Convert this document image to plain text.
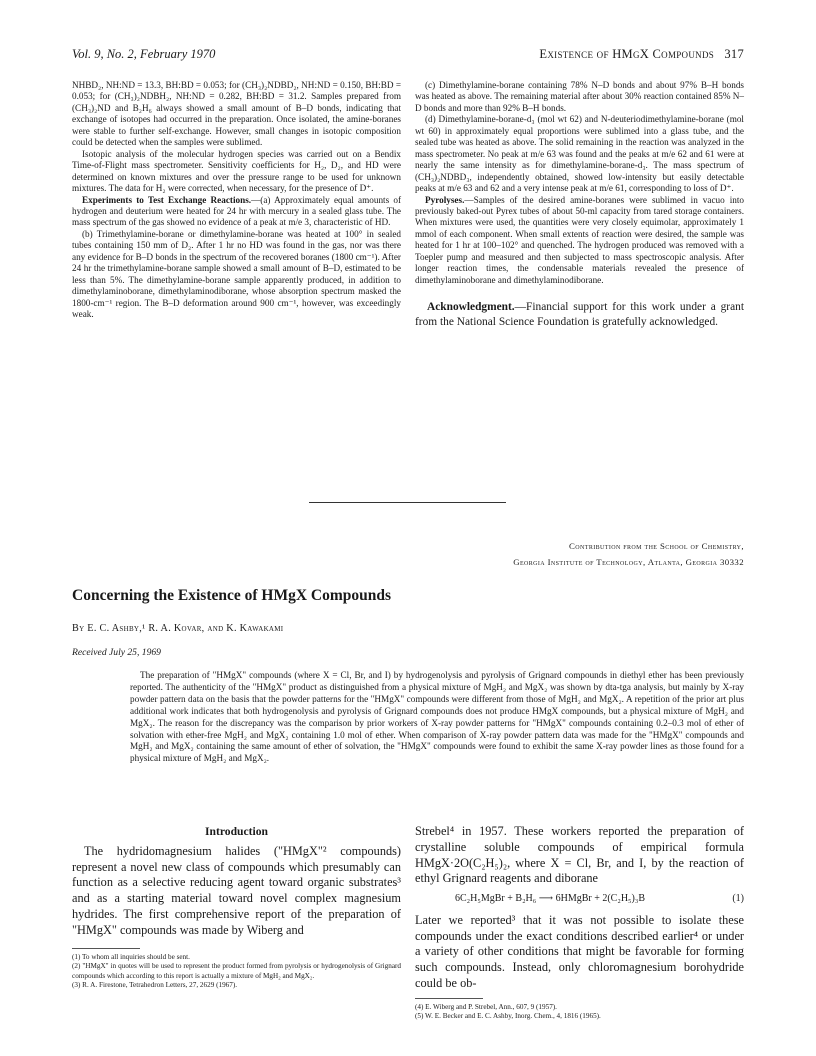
Vol. 9, No. 2, February 1970	Existence of HMgX Compounds 317

NHBD₂, NH:ND = 13.3, BH:BD = 0.053; for (CH₃)₂NDBD₂, NH:ND = 0.150, BH:BD = 0.053; for (CH₃)₂NDBH₂, NH:ND = 0.282, BH:BD = 31.2. Samples prepared from (CH₃)₂ND and B₂H₆ always showed a small amount of B–D bonds, indicating that exchange of isotopes had occurred in the preparation. Once isolated, the amine-boranes were stable to further self-exchange. However, small changes in isotopic composition could be detected when the samples were sublimed.

Isotopic analysis of the molecular hydrogen species was carried out on a Bendix Time-of-Flight mass spectrometer. Sensitivity coefficients for H₂, D₂, and HD were determined on known mixtures and over the pressure range to be used for unknown mixtures. The data for H₂ were corrected, when necessary, for the presence of D⁺.

Experiments to Test Exchange Reactions.—(a) Approximately equal amounts of hydrogen and deuterium were heated for 24 hr with mercury in a sealed glass tube. The mass spectrum of the gas showed no evidence of a peak at m/e 3, characteristic of HD.

(b) Trimethylamine-borane or dimethylamine-borane was heated at 100° in sealed tubes containing 150 mm of D₂. After 1 hr no HD was found in the gas, nor was there any evidence for B–D bonds in the spectrum of the recovered boranes (1800 cm⁻¹). After 24 hr the trimethylamine-borane sample showed a small amount of B–D, estimated to be less than 5%. The dimethylamine-borane sample apparently produced, in addition to dimethylaminoborane, dimethylaminodiborane, whose absorption spectrum masked the 1800-cm⁻¹ region. The B–D deformation around 900 cm⁻¹, however, was exceedingly weak.

(c) Dimethylamine-borane containing 78% N–D bonds and about 97% B–H bonds was heated as above. The remaining material after about 30% reaction contained 85% N–D bonds and more than 92% B–H bonds.

(d) Dimethylamine-borane-d₃ (mol wt 62) and N-deuteriodimethylamine-borane (mol wt 60) in approximately equal proportions were sublimed into a glass tube, and the sealed tube was heated as above. The solid remaining in the reaction was analyzed in the mass spectrometer. No peak at m/e 63 was found and the peaks at m/e 62 and 61 were at nearly the same intensity as for dimethylamine-borane-d₃. The mass spectrum of (CH₃)₂NDBD₃, independently obtained, showed low-intensity but easily detectable peaks at m/e 63 and 62 and a very intense peak at m/e 61, corresponding to loss of D⁺.

Pyrolyses.—Samples of the desired amine-boranes were sublimed in vacuo into previously baked-out Pyrex tubes of about 50-ml capacity from tared storage containers. When mixtures were used, the quantities were very closely equimolar, approximately 1 mmol of each component. When small extents of reaction were desired, the sample was heated for 1 hr at 100–102° and quenched. The hydrogen produced was removed with a Toepler pump and measured and then subjected to mass spectroscopic analysis. After longer reaction times, the condensable materials revealed the presence of dimethylaminoborane and dimethylaminodiborane.

Acknowledgment.—Financial support for this work under a grant from the National Science Foundation is gratefully acknowledged.

Contribution from the School of Chemistry,
Georgia Institute of Technology, Atlanta, Georgia 30332
Concerning the Existence of HMgX Compounds
By E. C. Ashby,¹ R. A. Kovar, and K. Kawakami
Received July 25, 1969

The preparation of "HMgX" compounds (where X = Cl, Br, and I) by hydrogenolysis and pyrolysis of Grignard compounds in diethyl ether has been previously reported. The authenticity of the "HMgX" product as distinguished from a physical mixture of MgH₂ and MgX₂ was shown by dta-tga analysis, but mainly by X-ray powder pattern data on the basis that the powder patterns for the "HMgX" compounds were different from those of MgH₂ and MgX₂. A repetition of the prior art plus additional work indicates that both hydrogenolysis and pyrolysis of Grignard compounds does not produce HMgX compounds, but a physical mixture of MgH₂ and MgX₂. The reason for the discrepancy was the comparison by prior workers of X-ray powder patterns for "HMgX" compounds containing 0.2–0.3 mol of ether of solvation with ether-free MgH₂ and MgX₂ containing 1.0 mol of ether. When comparison of X-ray powder pattern data was made for the "HMgX" compounds and MgH₂ and MgX₂ containing the same amount of ether of solvation, the "HMgX" compounds were found to exhibit the same X-ray powder lines as those found for a physical mixture of MgH₂ and MgX₂.

Introduction

The hydridomagnesium halides ("HMgX"² compounds) represent a novel new class of compounds which presumably can function as a selective reducing agent toward organic substrates³ and as a starting material toward novel complex magnesium hydrides. The first comprehensive report of the preparation of "HMgX" compounds was made by Wiberg and

(1) To whom all inquiries should be sent.
(2) "HMgX" in quotes will be used to represent the product formed from pyrolysis or hydrogenolysis of Grignard compounds which according to this report is actually a mixture of MgH₂ and MgX₂.
(3) R. A. Firestone, Tetrahedron Letters, 27, 2629 (1967).

Strebel⁴ in 1957. These workers reported the preparation of crystalline soluble compounds of empirical formula HMgX·2O(C₂H₅)₂, where X = Cl, Br, and I, by the reaction of ethyl Grignard reagents and diborane

6C₂H₅MgBr + B₂H₆ ⟶ 6HMgBr + 2(C₂H₅)₃B	(1)

Later we reported³ that it was not possible to isolate these compounds under the exact conditions described earlier⁴ or under a variety of other conditions that might be favorable for forming such compounds. Instead, only chloromagnesium borohydride could be ob-

(4) E. Wiberg and P. Strebel, Ann., 607, 9 (1957).
(5) W. E. Becker and E. C. Ashby, Inorg. Chem., 4, 1816 (1965).
